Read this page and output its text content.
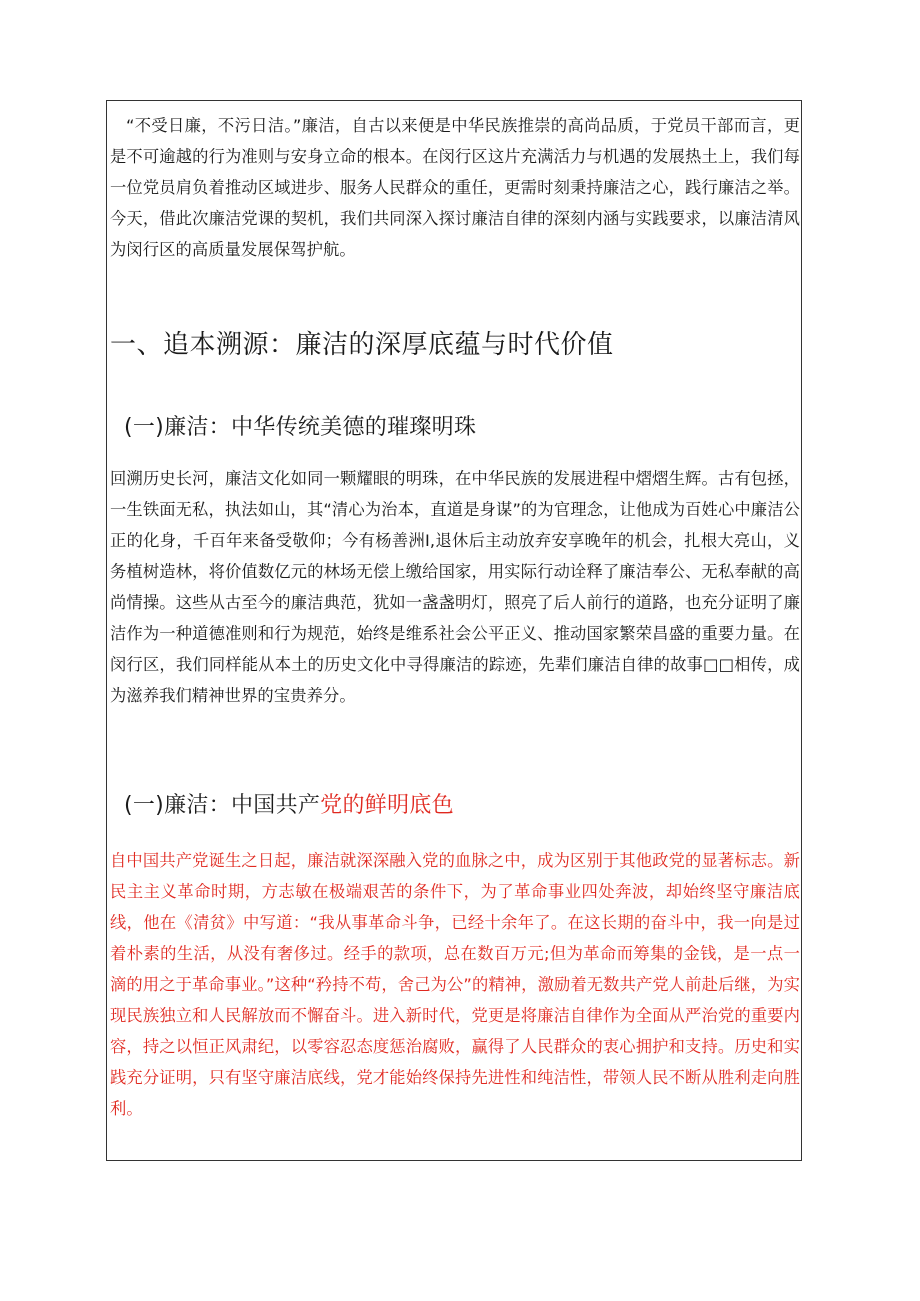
“不受日廉，不污日洁。”廉洁，自古以来便是中华民族推崇的高尚品质，于党员干部而言，更是不可逾越的行为准则与安身立命的根本。在闵行区这片充满活力与机遇的发展热土上，我们每一位党员肩负着推动区域进步、服务人民群众的重任，更需时刻秉持廉洁之心，践行廉洁之举。今天，借此次廉洁党课的契机，我们共同深入探讨廉洁自律的深刻内涵与实践要求，以廉洁清风为闵行区的高质量发展保驾护航。

一、追本溯源：廉洁的深厚底蕴与时代价值
(一)廉洁：中华传统美德的璀璨明珠

回溯历史长河，廉洁文化如同一颗耀眼的明珠，在中华民族的发展进程中熠熠生辉。古有包拯，一生铁面无私，执法如山，其“清心为治本，直道是身谋”的为官理念，让他成为百姓心中廉洁公正的化身，千百年来备受敬仰；今有杨善洲I,退休后主动放弃安享晚年的机会，扎根大亮山，义务植树造林，将价值数亿元的林场无偿上缴给国家，用实际行动诠释了廉洁奉公、无私奉献的高尚情操。这些从古至今的廉洁典范，犹如一盏盏明灯，照亮了后人前行的道路，也充分证明了廉洁作为一种道德准则和行为规范，始终是维系社会公平正义、推动国家繁荣昌盛的重要力量。在闵行区，我们同样能从本土的历史文化中寻得廉洁的踪迹，先辈们廉洁自律的故事□□相传，成为滋养我们精神世界的宝贵养分。

(一)廉洁：中国共产党的鲜明底色

自中国共产党诞生之日起，廉洁就深深融入党的血脉之中，成为区别于其他政党的显著标志。新民主主义革命时期，方志敏在极端艰苦的条件下，为了革命事业四处奔波，却始终坚守廉洁底线，他在《清贫》中写道：“我从事革命斗争，已经十余年了。在这长期的奋斗中，我一向是过着朴素的生活，从没有奢侈过。经手的款项，总在数百万元;但为革命而筹集的金钱，是一点一滴的用之于革命事业。”这种“矜持不苟，舍己为公”的精神，激励着无数共产党人前赴后继，为实现民族独立和人民解放而不懈奋斗。进入新时代，党更是将廉洁自律作为全面从严治党的重要内容，持之以恒正风肃纪，以零容忍态度惩治腐败，赢得了人民群众的衷心拥护和支持。历史和实践充分证明，只有坚守廉洁底线，党才能始终保持先进性和纯洁性，带领人民不断从胜利走向胜利。
